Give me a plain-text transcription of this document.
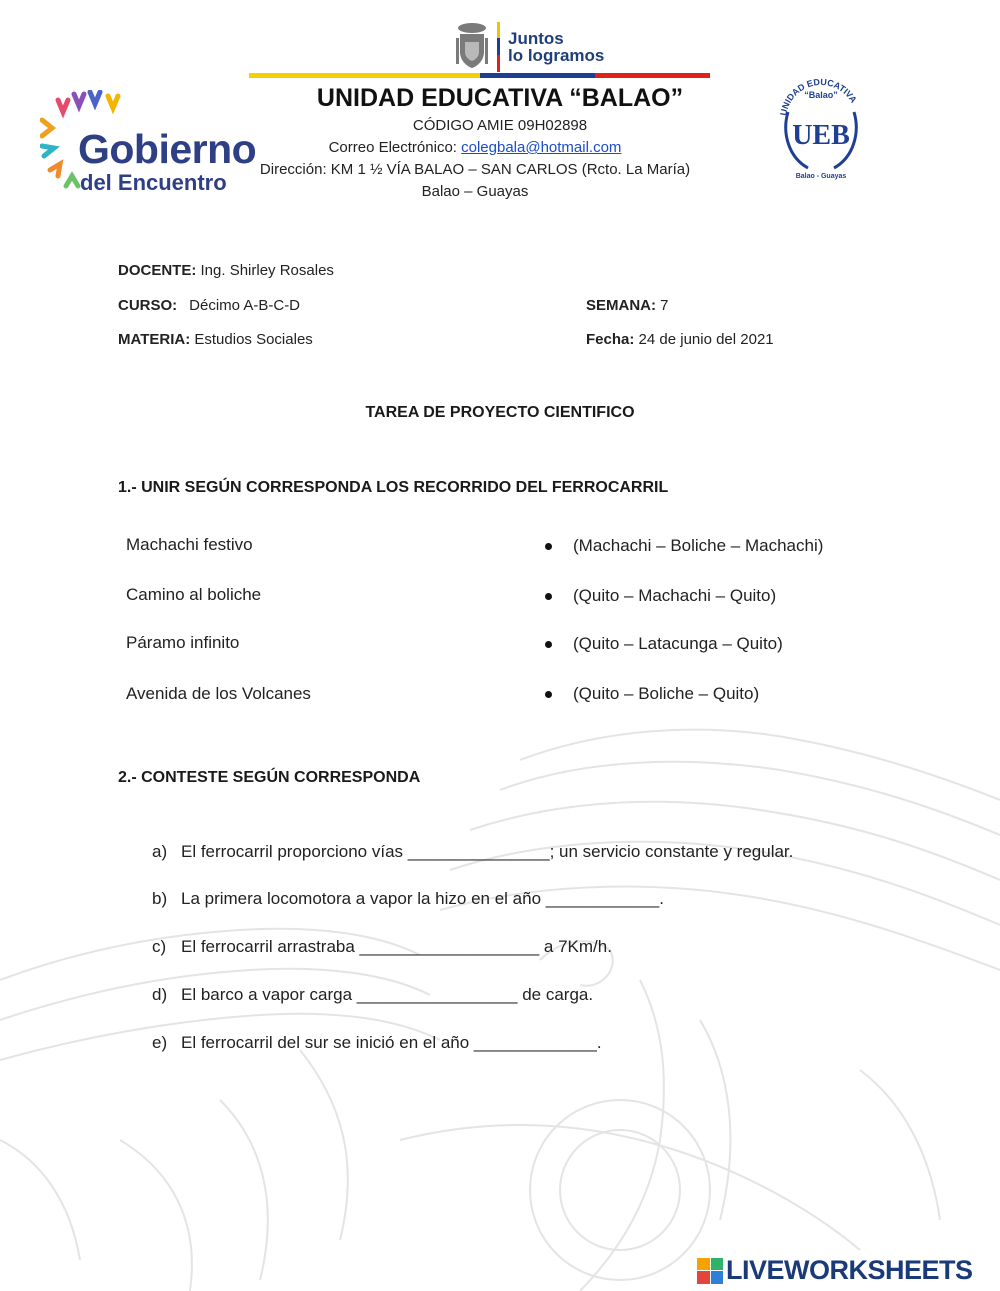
Juntos
lo logramos
Gobierno
del Encuentro
UNIDAD EDUCATIVA “BALAO”
CÓDIGO AMIE 09H02898
Correo Electrónico: colegbala@hotmail.com
Dirección: KM 1 ½ VÍA BALAO – SAN CARLOS (Rcto. La María)
Balao – Guayas
UNIDAD EDUCATIVA
“Balao”
UEB
Balao - Guayas
DOCENTE: Ing. Shirley Rosales
CURSO: Décimo A-B-C-D	SEMANA: 7
MATERIA: Estudios Sociales	Fecha: 24 de junio del 2021
TAREA DE PROYECTO CIENTIFICO
1.- UNIR SEGÚN CORRESPONDA LOS RECORRIDO DEL FERROCARRIL
Machachi festivo
Camino al boliche
Páramo infinito
Avenida de los Volcanes
(Machachi – Boliche – Machachi)
(Quito – Machachi – Quito)
(Quito – Latacunga – Quito)
(Quito – Boliche – Quito)
2.- CONTESTE SEGÚN CORRESPONDA
a) El ferrocarril proporciono vías _______________; un servicio constante y regular.
b) La primera locomotora a vapor la hizo en el año ____________.
c) El ferrocarril arrastraba ___________________ a 7Km/h.
d) El barco a vapor carga _________________ de carga.
e) El ferrocarril del sur se inició en el año _____________.
LIVEWORKSHEETS
